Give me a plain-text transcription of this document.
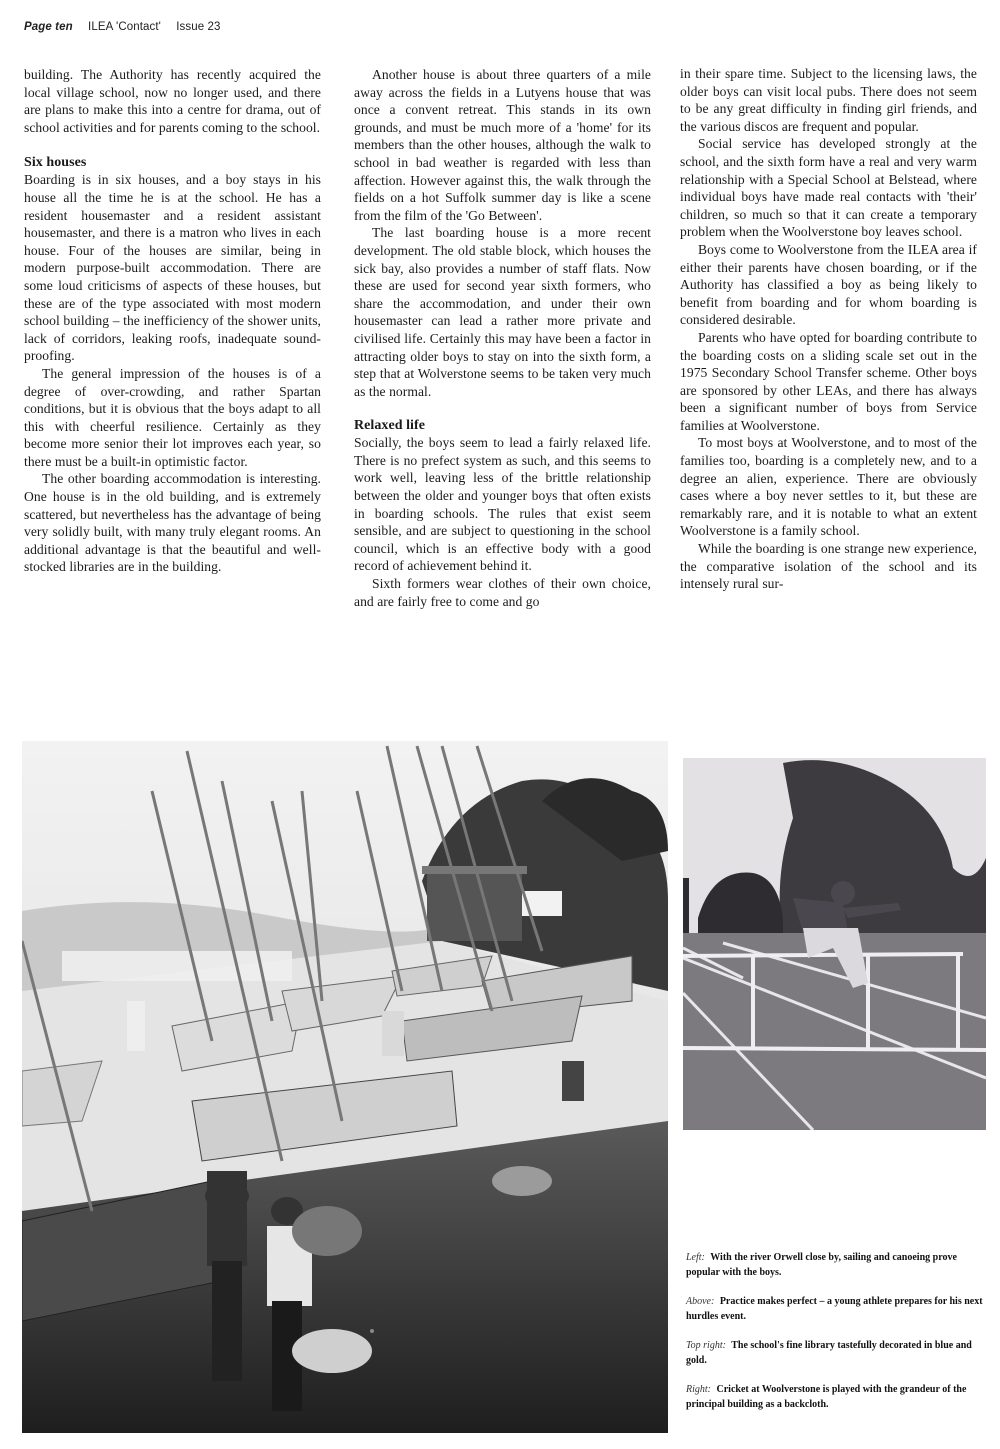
Page ten ILEA 'Contact' Issue 23

building. The Authority has recently acquired the local village school, now no longer used, and there are plans to make this into a centre for drama, out of school activities and for parents coming to the school.

Six houses

Boarding is in six houses, and a boy stays in his house all the time he is at the school. He has a resident housemaster and a resident assistant housemaster, and there is a matron who lives in each house. Four of the houses are similar, being in modern purpose-built accommodation. There are some loud criticisms of aspects of these houses, but these are of the type associated with most modern school building – the inefficiency of the shower units, lack of corridors, leaking roofs, inadequate sound-proofing.

The general impression of the houses is of a degree of over-crowding, and rather Spartan conditions, but it is obvious that the boys adapt to all this with cheerful resilience. Certainly as they become more senior their lot improves each year, so there must be a built-in optimistic factor.

The other boarding accommodation is interesting. One house is in the old building, and is extremely scattered, but nevertheless has the advantage of being very solidly built, with many truly elegant rooms. An additional advantage is that the beautiful and well-stocked libraries are in the building.

Another house is about three quarters of a mile away across the fields in a Lutyens house that was once a convent retreat. This stands in its own grounds, and must be much more of a 'home' for its members than the other houses, although the walk to school in bad weather is regarded with less than affection. However against this, the walk through the fields on a hot Suffolk summer day is like a scene from the film of the 'Go Between'.

The last boarding house is a more recent development. The old stable block, which houses the sick bay, also provides a number of staff flats. Now these are used for second year sixth formers, who share the accommodation, and under their own housemaster can lead a rather more private and civilised life. Certainly this may have been a factor in attracting older boys to stay on into the sixth form, a step that at Wolverstone seems to be taken very much as the normal.

Relaxed life

Socially, the boys seem to lead a fairly relaxed life. There is no prefect system as such, and this seems to work well, leaving less of the brittle relationship between the older and younger boys that often exists in boarding schools. The rules that exist seem sensible, and are subject to questioning in the school council, which is an effective body with a good record of achievement behind it.

Sixth formers wear clothes of their own choice, and are fairly free to come and go

in their spare time. Subject to the licensing laws, the older boys can visit local pubs. There does not seem to be any great difficulty in finding girl friends, and the various discos are frequent and popular.

Social service has developed strongly at the school, and the sixth form have a real and very warm relationship with a Special School at Belstead, where individual boys have made real contacts with 'their' children, so much so that it can create a temporary problem when the Woolverstone boy leaves school.

Boys come to Woolverstone from the ILEA area if either their parents have chosen boarding, or if the Authority has classified a boy as being likely to benefit from boarding and for whom boarding is considered desirable.

Parents who have opted for boarding contribute to the boarding costs on a sliding scale set out in the 1975 Secondary School Transfer scheme. Other boys are sponsored by other LEAs, and there has always been a significant number of boys from Service families at Woolverstone.

To most boys at Woolverstone, and to most of the families too, boarding is a completely new, and to a degree an alien, experience. There are obviously cases where a boy never settles to it, but these are remarkably rare, and it is notable to what an extent Woolverstone is a family school.

While the boarding is one strange new experience, the comparative isolation of the school and its intensely rural sur-

Left: With the river Orwell close by, sailing and canoeing prove popular with the boys.

Above: Practice makes perfect – a young athlete prepares for his next hurdles event.

Top right: The school's fine library tastefully decorated in blue and gold.

Right: Cricket at Woolverstone is played with the grandeur of the principal building as a backcloth.
